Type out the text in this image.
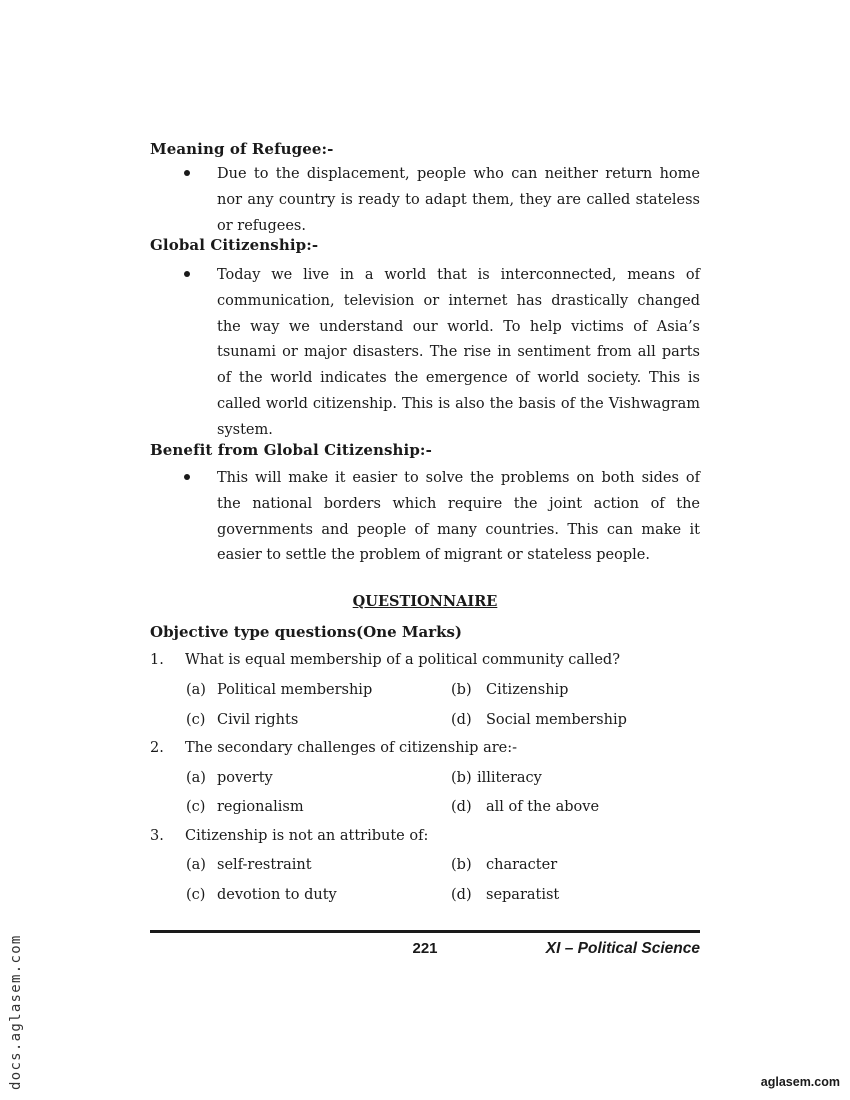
Meaning of Refugee:-
Due to the displacement, people who can neither return home nor any country is ready to adapt them, they are called stateless or refugees.
Global Citizenship:-
Today we live in a world that is interconnected, means of communication, television or internet has drastically changed the way we understand our world. To help victims of Asia’s tsunami or major disasters. The rise in sentiment from all parts of the world indicates the emergence of world society. This is called world citizenship. This is also the basis of the Vishwagram system.
Benefit from Global Citizenship:-
This will make it easier to solve the problems on both sides of the national borders which require the joint action of the governments and people of many countries. This can make it easier to settle the problem of migrant or stateless people.
QUESTIONNAIRE
Objective type questions(One Marks)
1. What is equal membership of a political community called?
(a) Political membership	(b) Citizenship
(c) Civil rights	(d) Social membership
2. The secondary challenges of citizenship are:-
(a) poverty	(b) illiteracy
(c) regionalism	(d) all of the above
3. Citizenship is not an attribute of:
(a) self-restraint	(b) character
(c) devotion to duty	(d) separatist
221	XI – Political Science
docs.aglasem.com	aglasem.com
